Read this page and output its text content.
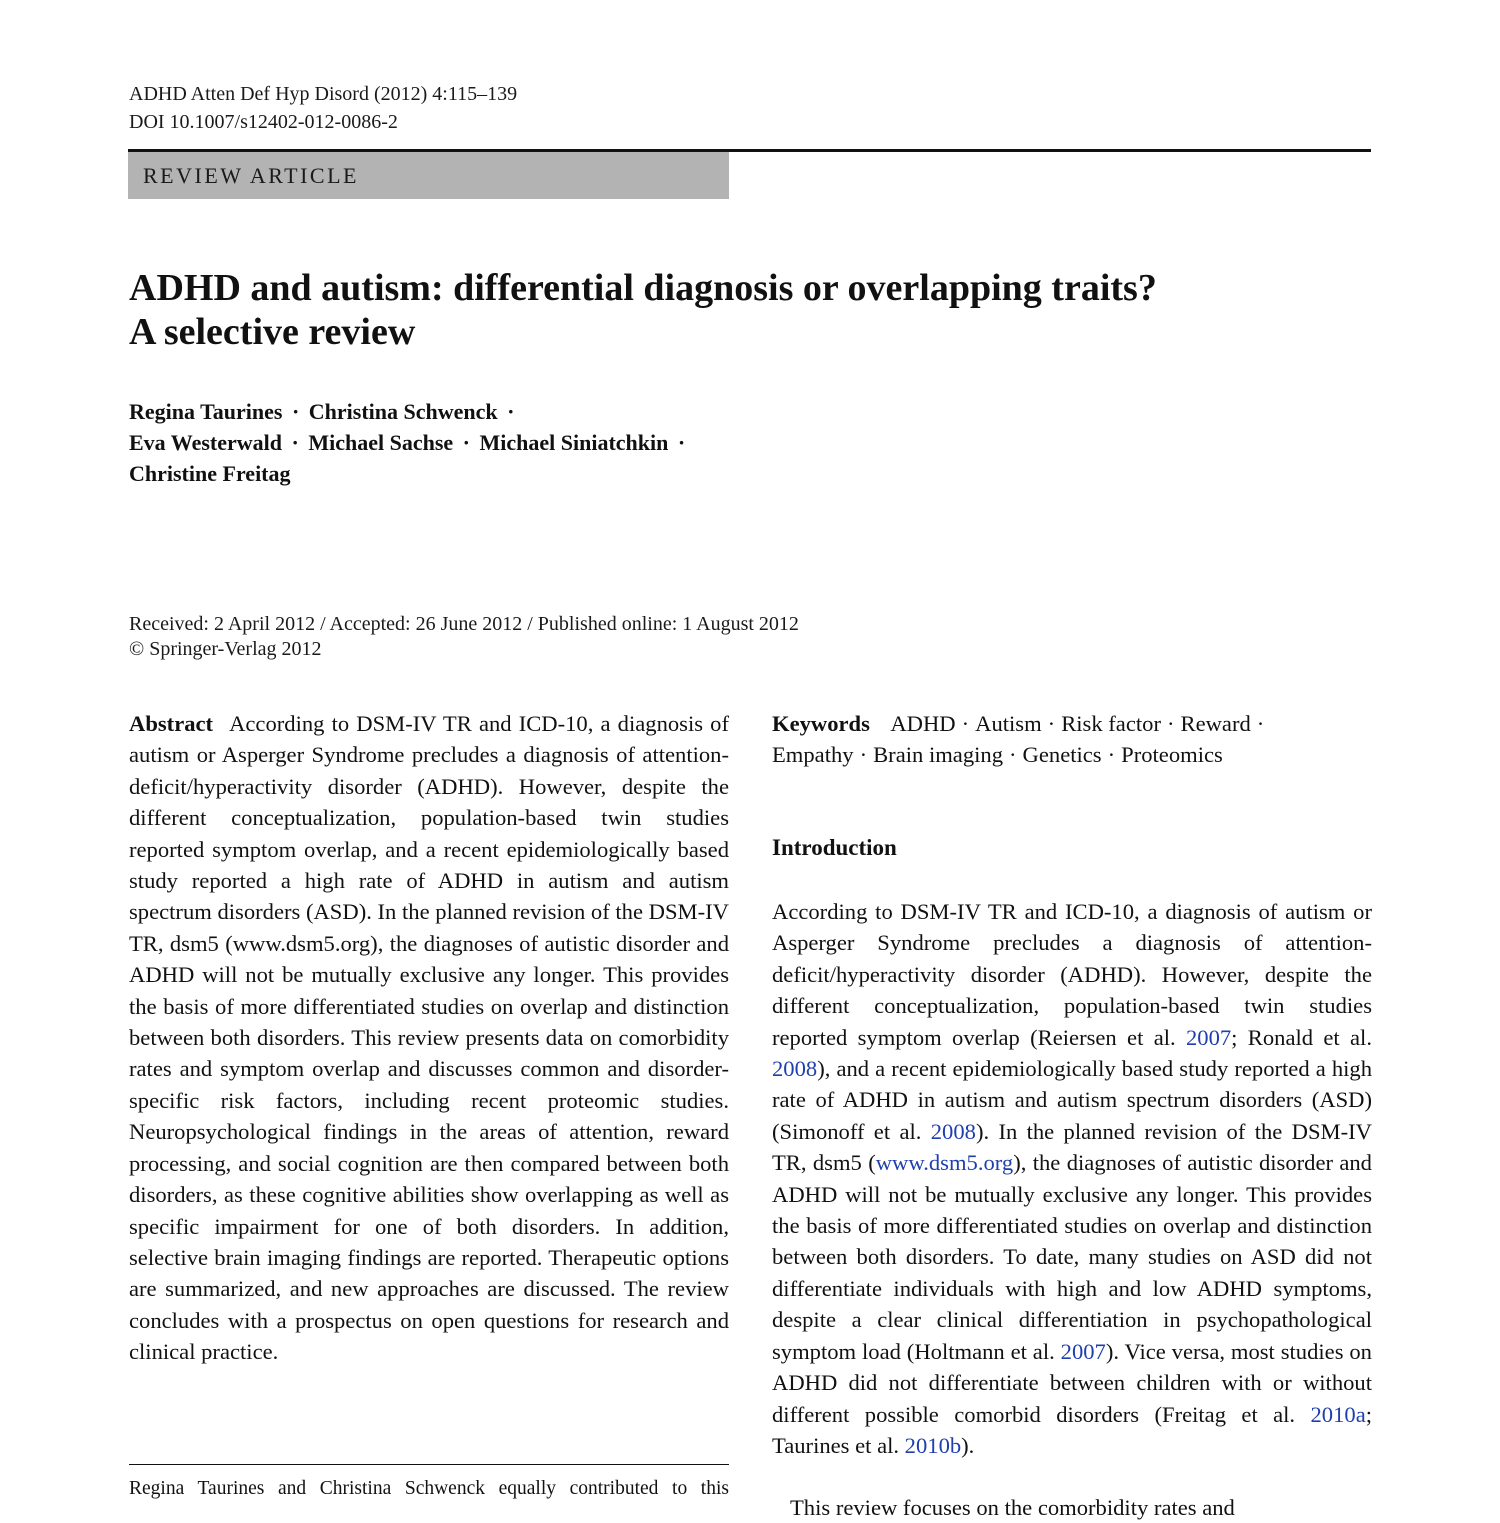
ADHD Atten Def Hyp Disord (2012) 4:115–139
DOI 10.1007/s12402-012-0086-2
REVIEW ARTICLE
ADHD and autism: differential diagnosis or overlapping traits?
A selective review
Regina Taurines · Christina Schwenck ·
Eva Westerwald · Michael Sachse · Michael Siniatchkin ·
Christine Freitag
Received: 2 April 2012 / Accepted: 26 June 2012 / Published online: 1 August 2012
© Springer-Verlag 2012
Abstract According to DSM-IV TR and ICD-10, a diagnosis of autism or Asperger Syndrome precludes a diagnosis of attention-deficit/hyperactivity disorder (ADHD). However, despite the different conceptualization, population-based twin studies reported symptom overlap, and a recent epidemiologically based study reported a high rate of ADHD in autism and autism spectrum disorders (ASD). In the planned revision of the DSM-IV TR, dsm5 (www.dsm5.org), the diagnoses of autistic disorder and ADHD will not be mutually exclusive any longer. This provides the basis of more differentiated studies on overlap and distinction between both disorders. This review presents data on comorbidity rates and symptom overlap and discusses common and disorder-specific risk factors, including recent proteomic studies. Neuropsychological findings in the areas of attention, reward processing, and social cognition are then compared between both disorders, as these cognitive abilities show overlapping as well as specific impairment for one of both disorders. In addition, selective brain imaging findings are reported. Therapeutic options are summarized, and new approaches are discussed. The review concludes with a prospectus on open questions for research and clinical practice.

Keywords ADHD · Autism · Risk factor · Reward ·
Empathy · Brain imaging · Genetics · Proteomics

Introduction

According to DSM-IV TR and ICD-10, a diagnosis of autism or Asperger Syndrome precludes a diagnosis of attention-deficit/hyperactivity disorder (ADHD). However, despite the different conceptualization, population-based twin studies reported symptom overlap (Reiersen et al. 2007; Ronald et al. 2008), and a recent epidemiologically based study reported a high rate of ADHD in autism and autism spectrum disorders (ASD) (Simonoff et al. 2008). In the planned revision of the DSM-IV TR, dsm5 (www.dsm5.org), the diagnoses of autistic disorder and ADHD will not be mutually exclusive any longer. This provides the basis of more differentiated studies on overlap and distinction between both disorders. To date, many studies on ASD did not differentiate individuals with high and low ADHD symptoms, despite a clear clinical differentiation in psychopathological symptom load (Holtmann et al. 2007). Vice versa, most studies on ADHD did not differentiate between children with or without different possible comorbid disorders (Freitag et al. 2010a; Taurines et al. 2010b).

This review focuses on the comorbidity rates and
Regina Taurines and Christina Schwenck equally contributed to this
